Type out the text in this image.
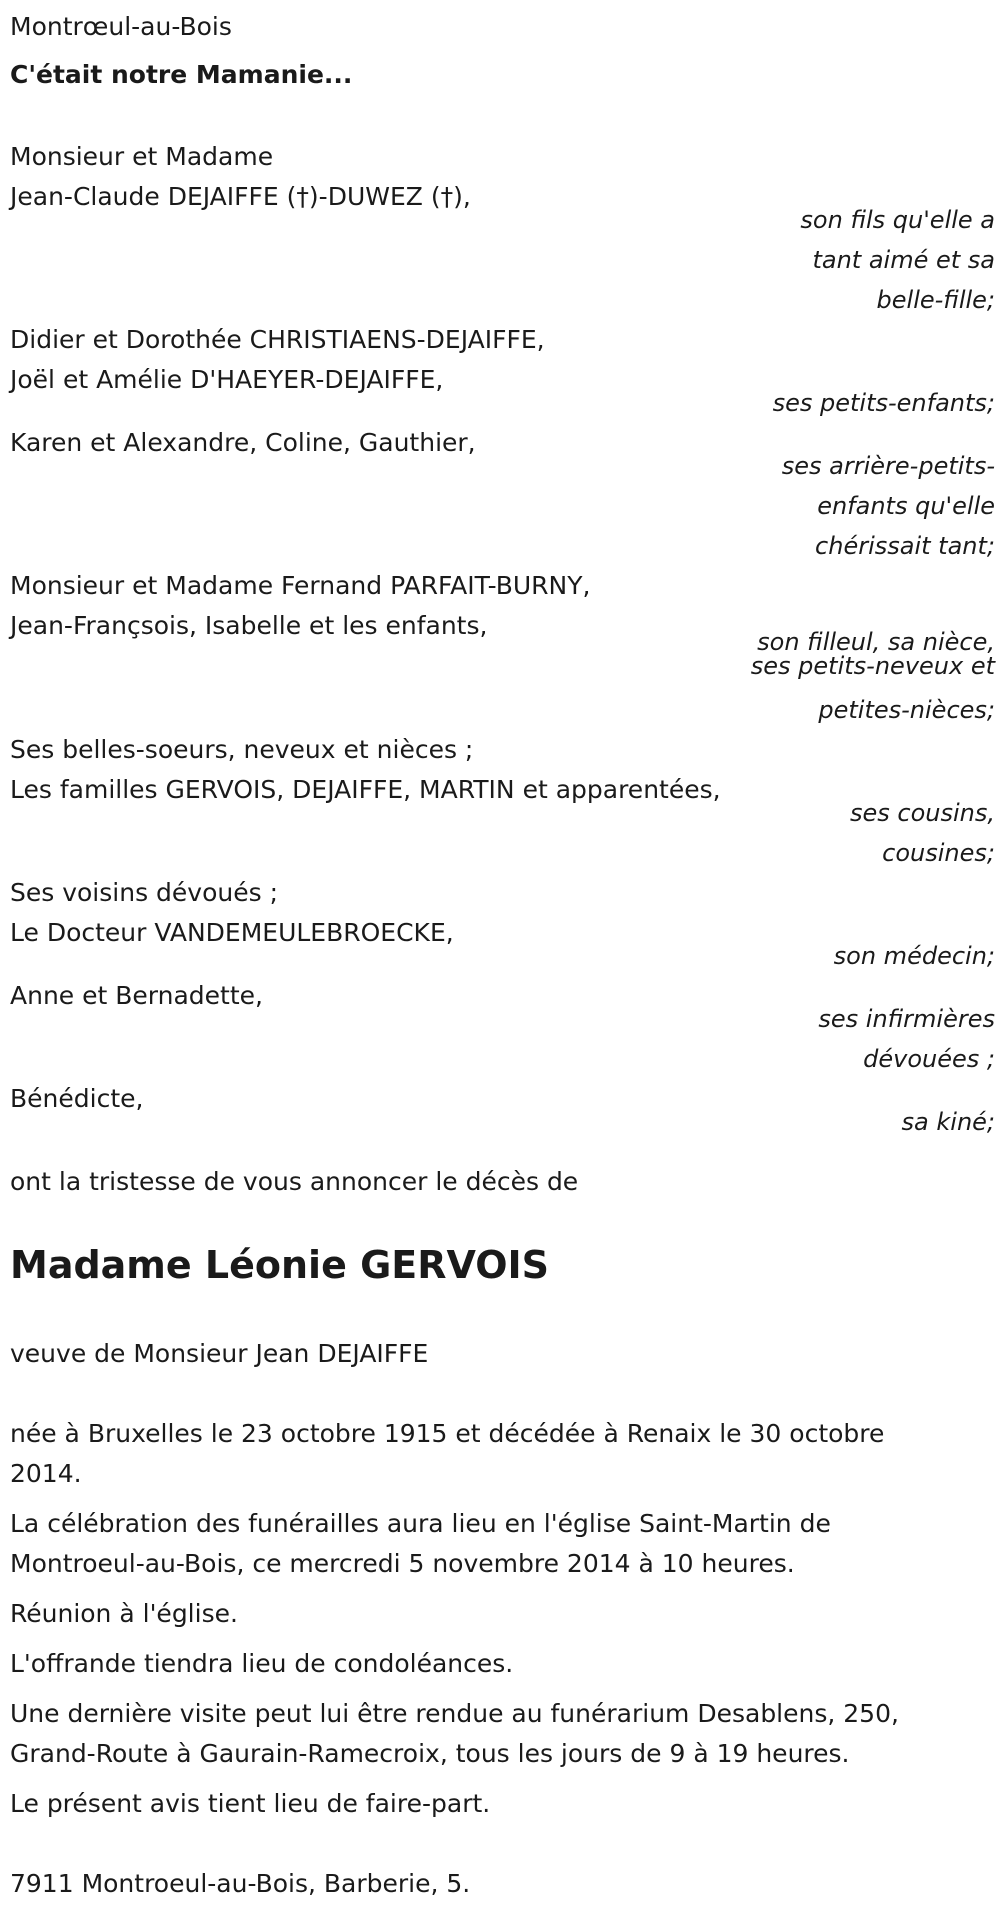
Montrœul-au-Bois
C'était notre Mamanie...
Monsieur et Madame
Jean-Claude DEJAIFFE (†)-DUWEZ (†),
son fils qu'elle a
tant aimé et sa
belle-fille;
Didier et Dorothée CHRISTIAENS-DEJAIFFE,
Joël et Amélie D'HAEYER-DEJAIFFE,
ses petits-enfants;
Karen et Alexandre, Coline, Gauthier,
ses arrière-petits-
enfants qu'elle
chérissait tant;
Monsieur et Madame Fernand PARFAIT-BURNY,
Jean-Françsois, Isabelle et les enfants,
son filleul, sa nièce,
ses petits-neveux et
petites-nièces;
Ses belles-soeurs, neveux et nièces ;
Les familles GERVOIS, DEJAIFFE, MARTIN et apparentées,
ses cousins,
cousines;
Ses voisins dévoués ;
Le Docteur VANDEMEULEBROECKE,
son médecin;
Anne et Bernadette,
ses infirmières
dévouées ;
Bénédicte,
sa kiné;
ont la tristesse de vous annoncer le décès de
Madame Léonie GERVOIS
veuve de Monsieur Jean DEJAIFFE
née à Bruxelles le 23 octobre 1915 et décédée à Renaix le 30 octobre
2014.
La célébration des funérailles aura lieu en l'église Saint-Martin de
Montroeul-au-Bois, ce mercredi 5 novembre 2014 à 10 heures.
Réunion à l'église.
L'offrande tiendra lieu de condoléances.
Une dernière visite peut lui être rendue au funérarium Desablens, 250,
Grand-Route à Gaurain-Ramecroix, tous les jours de 9 à 19 heures.
Le présent avis tient lieu de faire-part.
7911 Montroeul-au-Bois, Barberie, 5.
